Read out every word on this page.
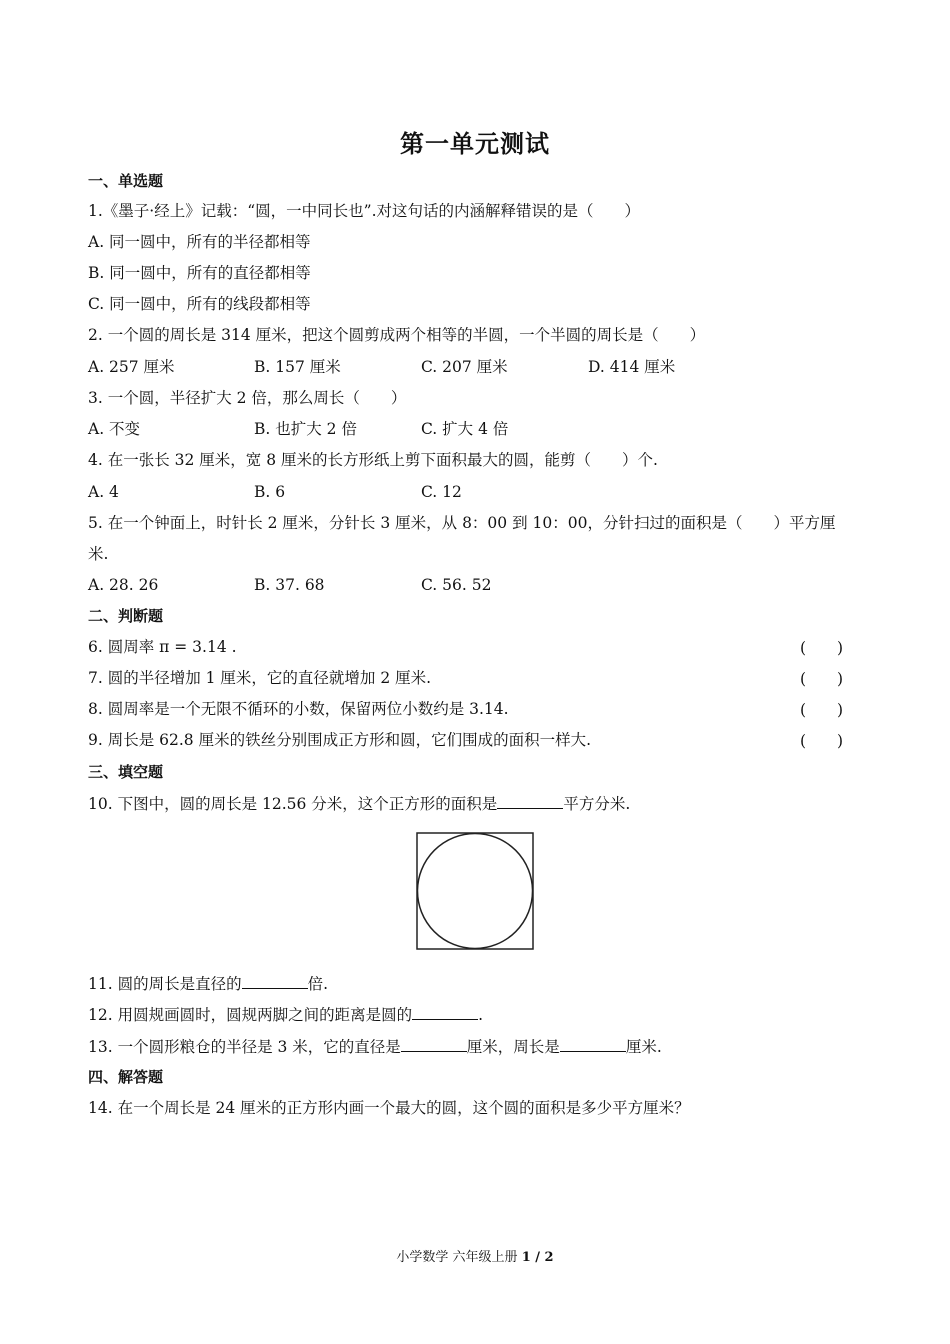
第一单元测试
一、单选题
1.《墨子·经上》记载：“圆，一中同长也”.对这句话的内涵解释错误的是（　　）
A. 同一圆中，所有的半径都相等
B. 同一圆中，所有的直径都相等
C. 同一圆中，所有的线段都相等
2. 一个圆的周长是 314 厘米，把这个圆剪成两个相等的半圆，一个半圆的周长是（　　）
A. 257 厘米	B. 157 厘米	C. 207 厘米	D. 414 厘米
3. 一个圆，半径扩大 2 倍，那么周长（　　）
A. 不变	B. 也扩大 2 倍	C. 扩大 4 倍
4. 在一张长 32 厘米，宽 8 厘米的长方形纸上剪下面积最大的圆，能剪（　　）个.
A. 4	B. 6	C. 12
5. 在一个钟面上，时针长 2 厘米，分针长 3 厘米，从 8：00 到 10：00，分针扫过的面积是（　　）平方厘
米.
A. 28. 26	B. 37. 68	C. 56. 52
二、判断题
6. 圆周率 π = 3.14 .	(　　)
7. 圆的半径增加 1 厘米，它的直径就增加 2 厘米.	(　　)
8. 圆周率是一个无限不循环的小数，保留两位小数约是 3.14.	(　　)
9. 周长是 62.8 厘米的铁丝分别围成正方形和圆，它们围成的面积一样大.	(　　)
三、填空题
10. 下图中，圆的周长是 12.56 分米，这个正方形的面积是	平方分米.
11. 圆的周长是直径的	倍.
12. 用圆规画圆时，圆规两脚之间的距离是圆的	.
13. 一个圆形粮仓的半径是 3 米，它的直径是	厘米，周长是	厘米.
四、解答题
14. 在一个周长是 24 厘米的正方形内画一个最大的圆，这个圆的面积是多少平方厘米？
小学数学 六年级上册 1 / 2
